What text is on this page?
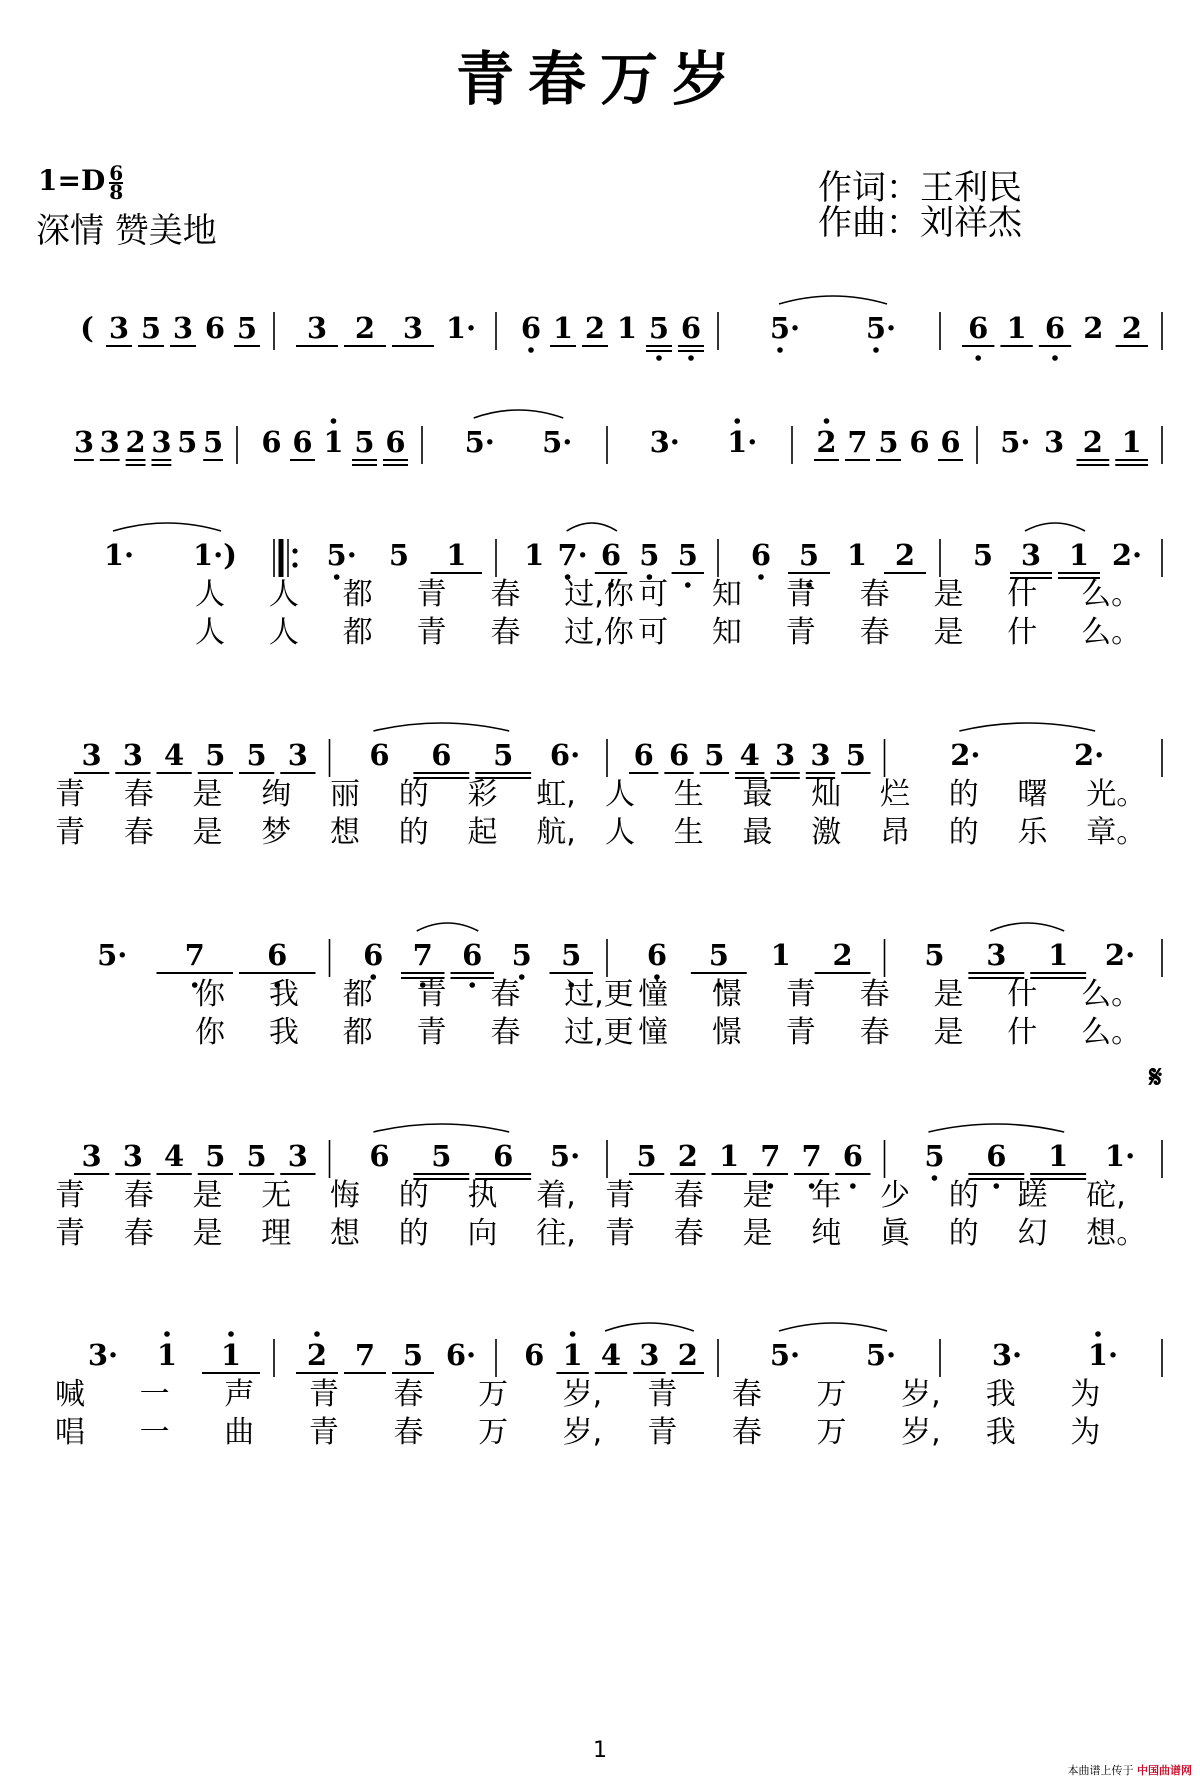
青春万岁
$1=D \frac{6}{8}$
深情 赞美地
作词：王利民
作曲：刘祥杰
( 3 5 3 6 5 3 2 3 1· 6 1 2 1 5 6 5· 5· 6 1 6 2 2
3 3 2 3 5 5 6 6 1 5 6 5· 5·	3· 1· 2 7 5 6 6 5· 3 2 1
1· 1·)	5· 5 1 1 7· 6 5 5 6 5 1 2 5 3 1 2·
人 人 都 青 春 过,你 可 知 青 春 是 什 么。
人 人 都 青 春 过,你 可 知 青 春 是 什 么。
3 3 4 5 5 3 6 6 5 6· 6 6 5 4 3 3 5	2·	2·
青 春 是 绚 丽 的 彩 虹, 人 生 最 灿 烂 的 曙 光。
青 春 是 梦 想 的 起 航, 人 生 最 激 昂 的 乐 章。
5· 7 6	6 7 6 5 5 6 5 1 2 5 3 1 2·
你 我 都 青 春 过,更 憧 憬 青 春 是 什 么。
你 我 都 青 春 过,更 憧 憬 青 春 是 什 么。
3 3 4 5 5 3 6 5 6 5· 5 2 1 7 7 6 5 6 1 1·
青 春 是 无 悔 的 执 着, 青 春 是 年 少 的 蹉 砣,
青 春 是 理 想 的 向 往, 青 春 是 纯 眞 的 幻 想。
3· 1 1 2 7 5 6· 6 1 4 3 2 5· 5·	3· 1·
喊 一 声 青 春 万 岁, 青 春 万 岁, 我 为
唱 一 曲 青 春 万 岁, 青 春 万 岁, 我 为
𝄋
1
本曲谱上传于 中国曲谱网
